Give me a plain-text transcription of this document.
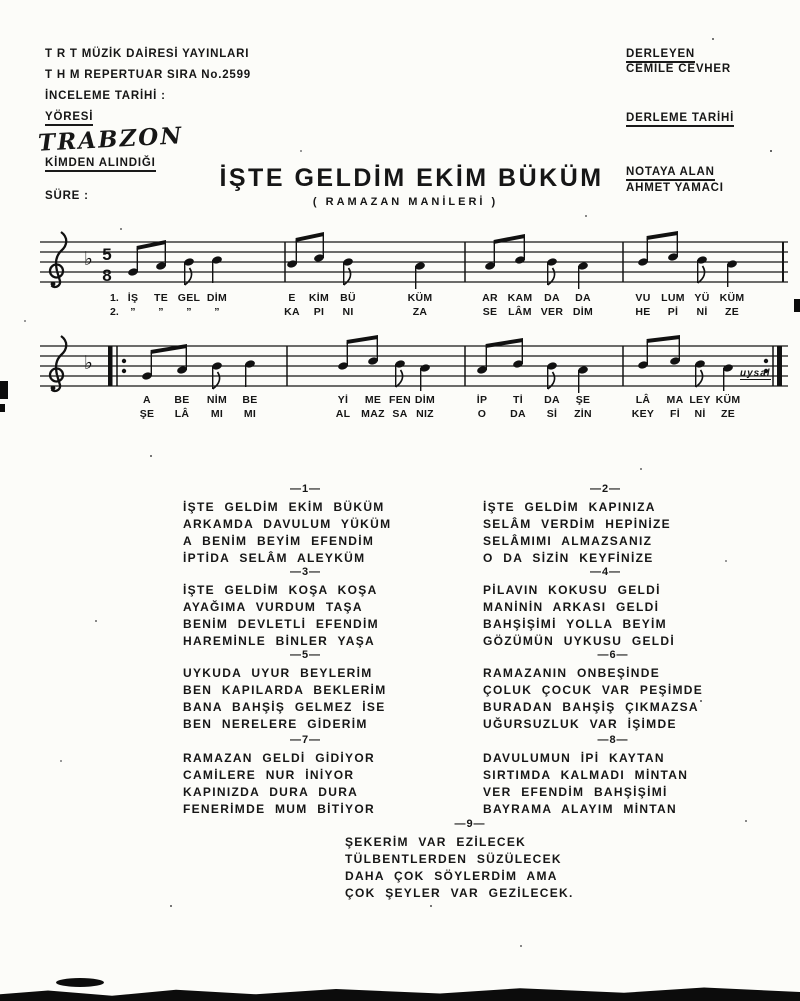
T R T MÜZİK DAİRESİ YAYINLARI
T H M REPERTUAR SIRA No.2599
İNCELEME TARİHİ :
YÖRESİ
TRABZON
KİMDEN ALINDIĞI
SÜRE :
DERLEYEN
CEMİLE CEVHER
DERLEME TARİHİ
NOTAYA ALAN
AHMET YAMACI
İŞTE GELDİM EKİM BÜKÜM
( RAMAZAN MANİLERİ )
♭ 5
8
1. İŞ TE GEL DİM	E KİM BÜ	KÜM	AR KAM DA DA	VU LUM YÜ KÜM
2. ” ” ” ”	KA PI NI	ZA	SE LÂM VER DİM	HE Pİ Nİ ZE
♭
A BE NİM BE	Yİ ME FEN DİM	İP Tİ DA ŞE	LÂ MA LEY KÜM
ŞE LÂ MI MI	AL MAZ SA NIZ	O DA Sİ ZİN	KEY Fİ Nİ ZE
uysal
—1—
İŞTE GELDİM EKİM BÜKÜM
ARKAMDA DAVULUM YÜKÜM
A BENİM BEYİM EFENDİM
İPTİDA SELÂM ALEYKÜM
—2—
İŞTE GELDİM KAPINIZA
SELÂM VERDİM HEPİNİZE
SELÂMIMI ALMAZSANIZ
O DA SİZİN KEYFİNİZE
—3—
İŞTE GELDİM KOŞA KOŞA
AYAĞIMA VURDUM TAŞA
BENİM DEVLETLİ EFENDİM
HAREMİNLE BİNLER YAŞA
—4—
PİLAVIN KOKUSU GELDİ
MANİNİN ARKASI GELDİ
BAHŞİŞİMİ YOLLA BEYİM
GÖZÜMÜN UYKUSU GELDİ
—5—
UYKUDA UYUR BEYLERİM
BEN KAPILARDA BEKLERİM
BANA BAHŞİŞ GELMEZ İSE
BEN NERELERE GİDERİM
—6—
RAMAZANIN ONBEŞİNDE
ÇOLUK ÇOCUK VAR PEŞİMDE
BURADAN BAHŞİŞ ÇIKMAZSA
UĞURSUZLUK VAR İŞİMDE
—7—
RAMAZAN GELDİ GİDİYOR
CAMİLERE NUR İNİYOR
KAPINIZDA DURA DURA
FENERİMDE MUM BİTİYOR
—8—
DAVULUMUN İPİ KAYTAN
SIRTIMDA KALMADI MİNTAN
VER EFENDİM BAHŞİŞİMİ
BAYRAMA ALAYIM MİNTAN
—9—
ŞEKERİM VAR EZİLECEK
TÜLBENTLERDEN SÜZÜLECEK
DAHA ÇOK SÖYLERDİM AMA
ÇOK ŞEYLER VAR GEZİLECEK.
